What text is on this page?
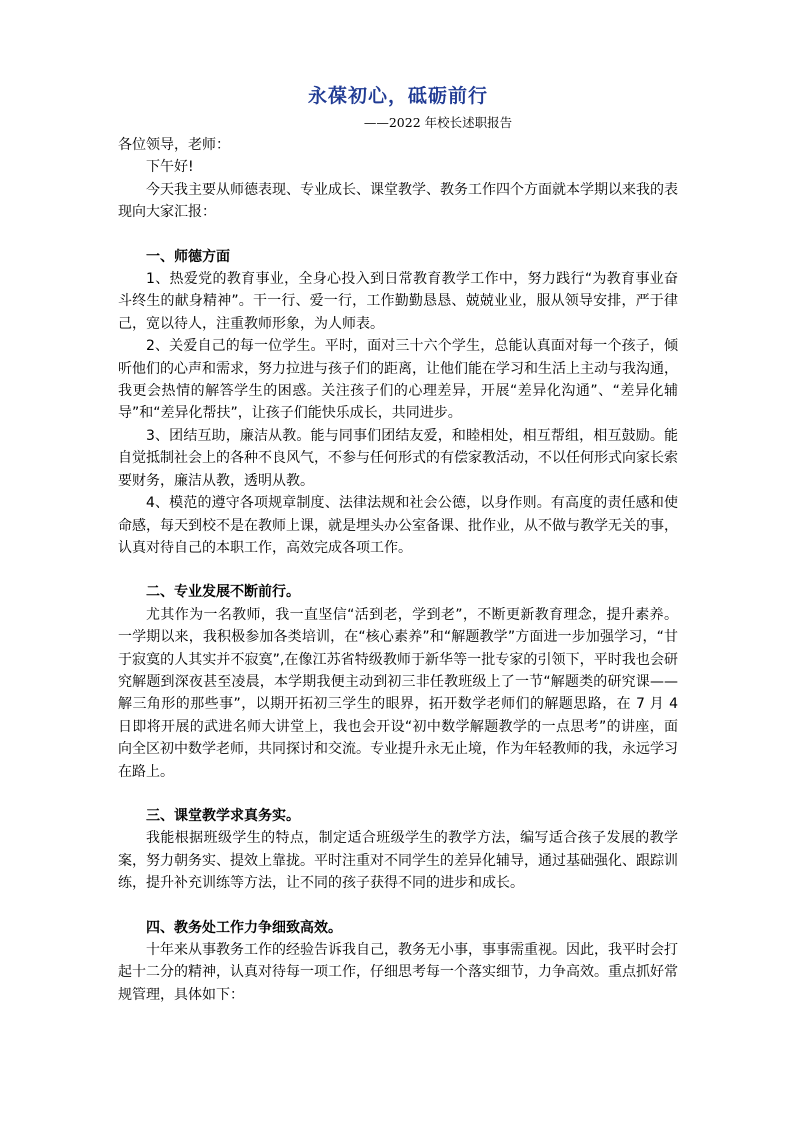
永葆初心，砥砺前行
——2022 年校长述职报告
各位领导，老师：

下午好!

今天我主要从师德表现、专业成长、课堂教学、教务工作四个方面就本学期以来我的表现向大家汇报：

一、师德方面

1、热爱党的教育事业，全身心投入到日常教育教学工作中，努力践行“为教育事业奋斗终生的献身精神”。干一行、爱一行，工作勤勤恳恳、兢兢业业，服从领导安排，严于律己，宽以待人，注重教师形象，为人师表。

2、关爱自己的每一位学生。平时，面对三十六个学生，总能认真面对每一个孩子，倾听他们的心声和需求，努力拉进与孩子们的距离，让他们能在学习和生活上主动与我沟通，我更会热情的解答学生的困惑。关注孩子们的心理差异，开展“差异化沟通”、“差异化辅导”和“差异化帮扶”，让孩子们能快乐成长，共同进步。

3、团结互助，廉洁从教。能与同事们团结友爱，和睦相处，相互帮组，相互鼓励。能自觉抵制社会上的各种不良风气，不参与任何形式的有偿家教活动，不以任何形式向家长索要财务，廉洁从教，透明从教。

4、模范的遵守各项规章制度、法律法规和社会公德，以身作则。有高度的责任感和使命感，每天到校不是在教师上课，就是埋头办公室备课、批作业，从不做与教学无关的事，认真对待自己的本职工作，高效完成各项工作。

二、专业发展不断前行。

尤其作为一名教师，我一直坚信“活到老，学到老”，不断更新教育理念，提升素养。一学期以来，我积极参加各类培训，在“核心素养”和“解题教学”方面进一步加强学习，“甘于寂寞的人其实并不寂寞”,在像江苏省特级教师于新华等一批专家的引领下，平时我也会研究解题到深夜甚至凌晨，本学期我便主动到初三非任教班级上了一节“解题类的研究课——解三角形的那些事”，以期开拓初三学生的眼界，拓开数学老师们的解题思路，在 7 月 4 日即将开展的武进名师大讲堂上，我也会开设“初中数学解题教学的一点思考”的讲座，面向全区初中数学老师，共同探讨和交流。专业提升永无止境，作为年轻教师的我，永远学习在路上。

三、课堂教学求真务实。

我能根据班级学生的特点，制定适合班级学生的教学方法，编写适合孩子发展的教学案，努力朝务实、提效上靠拢。平时注重对不同学生的差异化辅导，通过基础强化、跟踪训练，提升补充训练等方法，让不同的孩子获得不同的进步和成长。

四、教务处工作力争细致高效。

十年来从事教务工作的经验告诉我自己，教务无小事，事事需重视。因此，我平时会打起十二分的精神，认真对待每一项工作，仔细思考每一个落实细节，力争高效。重点抓好常规管理，具体如下：
